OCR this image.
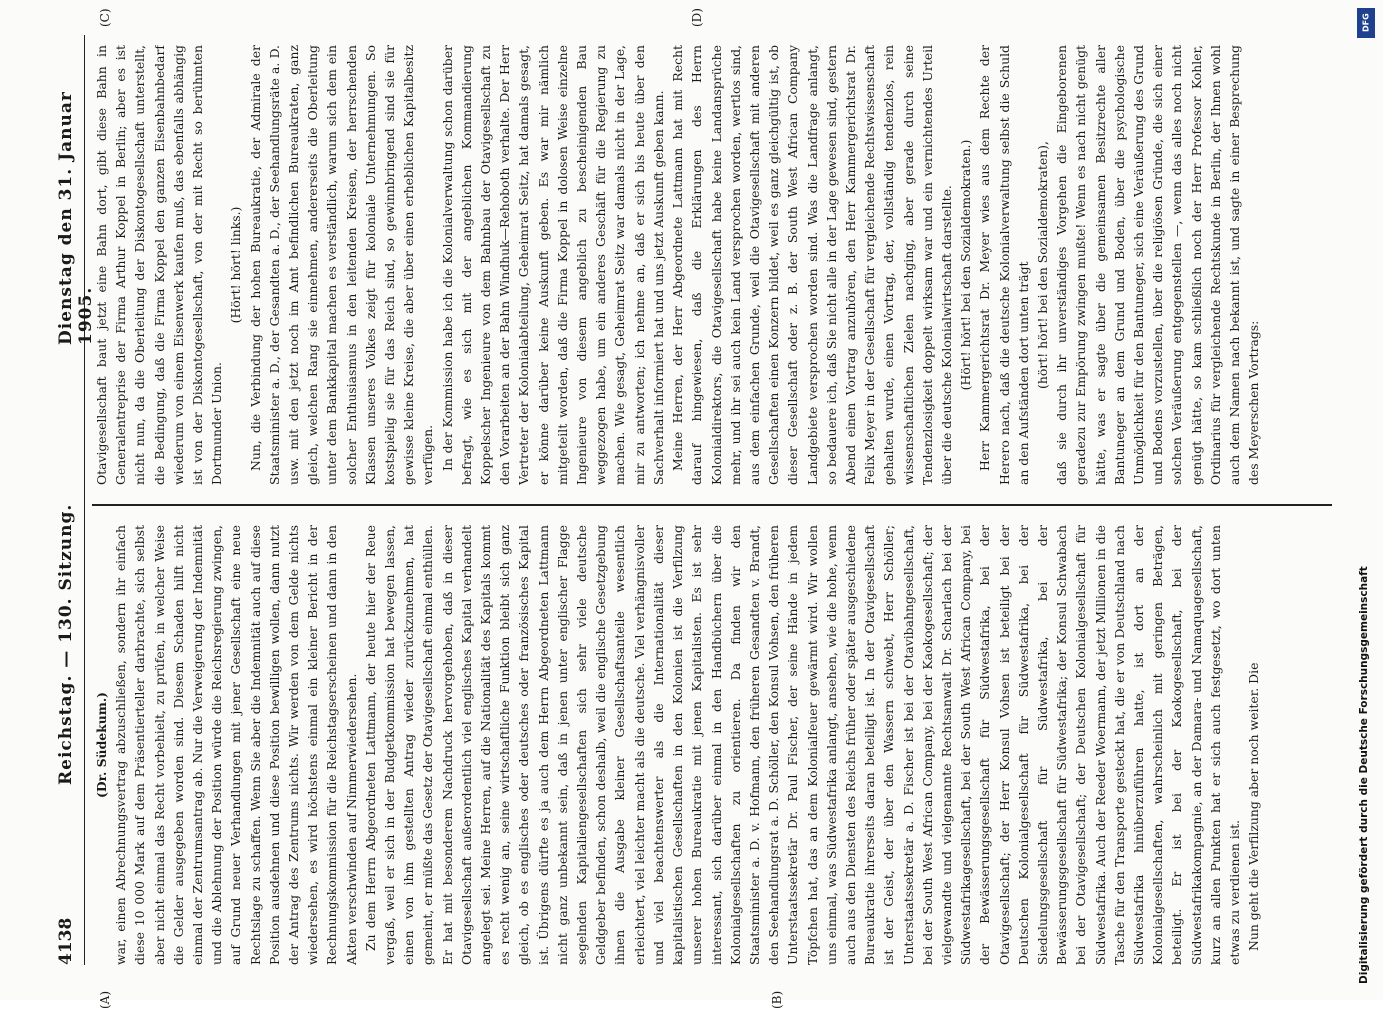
4138
Reichstag. — 130. Sitzung.
Dienstag den 31. Januar 1905.
(A)	(B)
(C)	(D)

(Dr. Südekum.) war, einen Abrechnungsvertrag abzuschließen, sondern ihr einfach diese 10 000 Mark auf dem Präsentierteller darbrachte, sich selbst aber nicht einmal das Recht vorbehielt, zu prüfen, in welcher Weise die Gelder ausgegeben worden sind. Diesem Schaden hilft nicht einmal der Zentrumsantrag ab. Nur die Verweigerung der Indemnität und die Ablehnung der Position würde die Reichsregierung zwingen, auf Grund neuer Verhandlungen mit jener Gesellschaft eine neue Rechtslage zu schaffen. Wenn Sie aber die Indemnität auch auf diese Position ausdehnen und diese Position bewilligen wollen, dann nutzt der Antrag des Zentrums nichts. Wir werden von dem Gelde nichts wiedersehen, es wird höchstens einmal ein kleiner Bericht in der Rechnungskommission für die Reichstagserscheinen und dann in den Akten verschwinden auf Nimmerwiedersehen. Zu dem Herrn Abgeordneten Lattmann, der heute hier der Reue vergaß, weil er sich in der Budgetkommission hat bewegen lassen, einen von ihm gestellten Antrag wieder zurückzunehmen, hat gemeint, er müßte das Gesetz der Otavigesellschaft einmal enthüllen. Er hat mit besonderem Nachdruck hervorgehoben, daß in dieser Otavigesellschaft außerordentlich viel englisches Kapital verhandelt angelegt sei. Meine Herren, auf die Nationalität des Kapitals kommt es recht wenig an, seine wirtschaftliche Funktion bleibt sich ganz gleich, ob es englisches oder deutsches oder französisches Kapital ist. Übrigens dürfte es ja auch dem Herrn Abgeordneten Lattmann nicht ganz unbekannt sein, daß in jenen unter englischer Flagge segelnden Kapitaliengesellschaften sich sehr viele deutsche Geldgeber befinden, schon deshalb, weil die englische Gesetzgebung ihnen die Ausgabe kleiner Gesellschaftsanteile wesentlich erleichtert, viel leichter macht als die deutsche. Viel verhängnisvoller und viel beachtenswerter als die Internationalität dieser kapitalistischen Gesellschaften in den Kolonien ist die Verfilzung unserer hohen Bureaukratie mit jenen Kapitalisten. Es ist sehr interessant, sich darüber einmal in den Handbüchern über die Kolonialgesellschaften zu orientieren. Da finden wir den Staatsminister a. D. v. Hofmann, den früheren Gesandten v. Brandt, den Seehandlungsrat a. D. Schöller, den Konsul Vohsen, den früheren Unterstaatssekretär Dr. Paul Fischer, der seine Hände in jedem Töpfchen hat, das an dem Kolonialfeuer gewärmt wird. Wir wollen uns einmal, was Südwestafrika anlangt, ansehen, wie die hohe, wenn auch aus den Diensten des Reichs früher oder später ausgeschiedene Bureaukratie ihrerseits daran beteiligt ist. In der Otavigesellschaft ist der Geist, der über den Wassern schwebt, Herr Schöller; Unterstaatssekretär a. D. Fischer ist bei der Otavibahngesellschaft, bei der South West African Company, bei der Kaokogesellschaft; der vielgewandte und vielgenannte Rechtsanwalt Dr. Scharlach bei der Südwestafrikagesellschaft, bei der South West African Company, bei der Bewässerungsgesellschaft für Südwestafrika, bei der Otavigesellschaft; der Herr Konsul Vohsen ist beteiligt bei der Deutschen Kolonialgesellschaft für Südwestafrika, bei der Siedelungsgesellschaft für Südwestafrika, bei der Bewässerungsgesellschaft für Südwestafrika; der Konsul Schwabach bei der Otavigesellschaft; der Deutschen Kolonialgesellschaft für Südwestafrika. Auch der Reeder Woermann, der jetzt Millionen in die Tasche für den Transporte gesteckt hat, die er von Deutschland nach Südwestafrika hinüberzuführen hatte, ist dort an der Kolonialgesellschaften, wahrscheinlich mit geringen Beträgen, beteiligt. Er ist bei der Kaokogesellschaft, bei der Südwestafrikakompagnie, an der Damara- und Namaquagesellschaft, kurz an allen Punkten hat er sich auch festgesetzt, wo dort unten etwas zu verdienen ist. Nun geht die Verfilzung aber noch weiter. Die

Otavigesellschaft baut jetzt eine Bahn dort, gibt diese Bahn in Generalentreprise der Firma Arthur Koppel in Berlin; aber es ist nicht nun, da die Oberleitung der Diskontogesellschaft unterstellt, die Bedingung, daß die Firma Koppel den ganzen Eisenbahnbedarf wiederum von einem Eisenwerk kaufen muß, das ebenfalls abhängig ist von der Diskontogesellschaft, von der mit Recht so berühmten Dortmunder Union.

(Hört! hört! links.) Nun, die Verbindung der hohen Bureaukratie, der Admirale der Staatsminister a. D., der Gesandten a. D., der Seehandlungsräte a. D. usw. mit den jetzt noch im Amt befindlichen Bureaukraten, ganz gleich, welchen Rang sie einnehmen, andererseits die Oberleitung unter dem Bankkapital machen es verständlich, warum sich dem ein solcher Enthusiasmus in den leitenden Kreisen, der herrschenden Klassen unseres Volkes zeigt für koloniale Unternehmungen. So kostspielig sie für das Reich sind, so gewinnbringend sind sie für gewisse kleine Kreise, die aber über einen erheblichen Kapitalbesitz verfügen. In der Kommission habe ich die Kolonialverwaltung schon darüber befragt, wie es sich mit der angeblichen Kommandierung Koppelscher Ingenieure von dem Bahnbau der Otavigesellschaft zu den Vorarbeiten an der Bahn Windhuk—Rehoboth verhalte. Der Herr Vertreter der Kolonialabteilung, Geheimrat Seitz, hat damals gesagt, er könne darüber keine Auskunft geben. Es war mir nämlich mitgeteilt worden, daß die Firma Koppel in dolosen Weise einzelne Ingenieure von diesem angeblich zu bescheinigenden Bau weggezogen habe, um ein anderes Geschäft für die Regierung zu machen. Wie gesagt, Geheimrat Seitz war damals nicht in der Lage, mir zu antworten; ich nehme an, daß er sich bis heute über den Sachverhalt informiert hat und uns jetzt Auskunft geben kann. Meine Herren, der Herr Abgeordnete Lattmann hat mit Recht darauf hingewiesen, daß die Erklärungen des Herrn Kolonialdirektors, die Otavigesellschaft habe keine Landansprüche mehr, und ihr sei auch kein Land versprochen worden, wertlos sind, aus dem einfachen Grunde, weil die Otavigesellschaft mit anderen Gesellschaften einen Konzern bildet, weil es ganz gleichgültig ist, ob dieser Gesellschaft oder z. B. der South West African Company Landgebiete versprochen worden sind. Was die Landfrage anlangt, so bedauere ich, daß Sie nicht alle in der Lage gewesen sind, gestern Abend einen Vortrag anzuhören, den Herr Kammergerichtsrat Dr. Felix Meyer in der Gesellschaft für vergleichende Rechtswissenschaft gehalten wurde, einen Vortrag, der, vollständig tendenzlos, rein wissenschaftlichen Zielen nachging, aber gerade durch seine Tendenzlosigkeit doppelt wirksam war und ein vernichtendes Urteil über die deutsche Kolonialwirtschaft darstellte. (Hört! hört! bei den Sozialdemokraten.) Herr Kammergerichtsrat Dr. Meyer wies aus dem Rechte der Herero nach, daß die deutsche Kolonialverwaltung selbst die Schuld an den Aufständen dort unten trägt (hört! hört! bei den Sozialdemokraten), daß sie durch ihr unverständiges Vorgehen die Eingeborenen geradezu zur Empörung zwingen mußte! Wenn es nach nicht genügt hätte, was er sagte über die gemeinsamen Besitzrechte aller Bantuneger an dem Grund und Boden, über die psychologische Unmöglichkeit für den Bantuneger, sich eine Veräußerung des Grund und Bodens vorzustellen, über die religiösen Gründe, die sich einer solchen Veräußerung entgegenstellen —, wenn das alles noch nicht genügt hätte, so kam schließlich noch der Herr Professor Kohler, Ordinarius für vergleichende Rechtskunde in Berlin, der Ihnen wohl auch dem Namen nach bekannt ist, und sagte in einer Besprechung des Meyerschen Vortrags:

DFG
Digitalisierung gefördert durch die Deutsche Forschungsgemeinschaft
